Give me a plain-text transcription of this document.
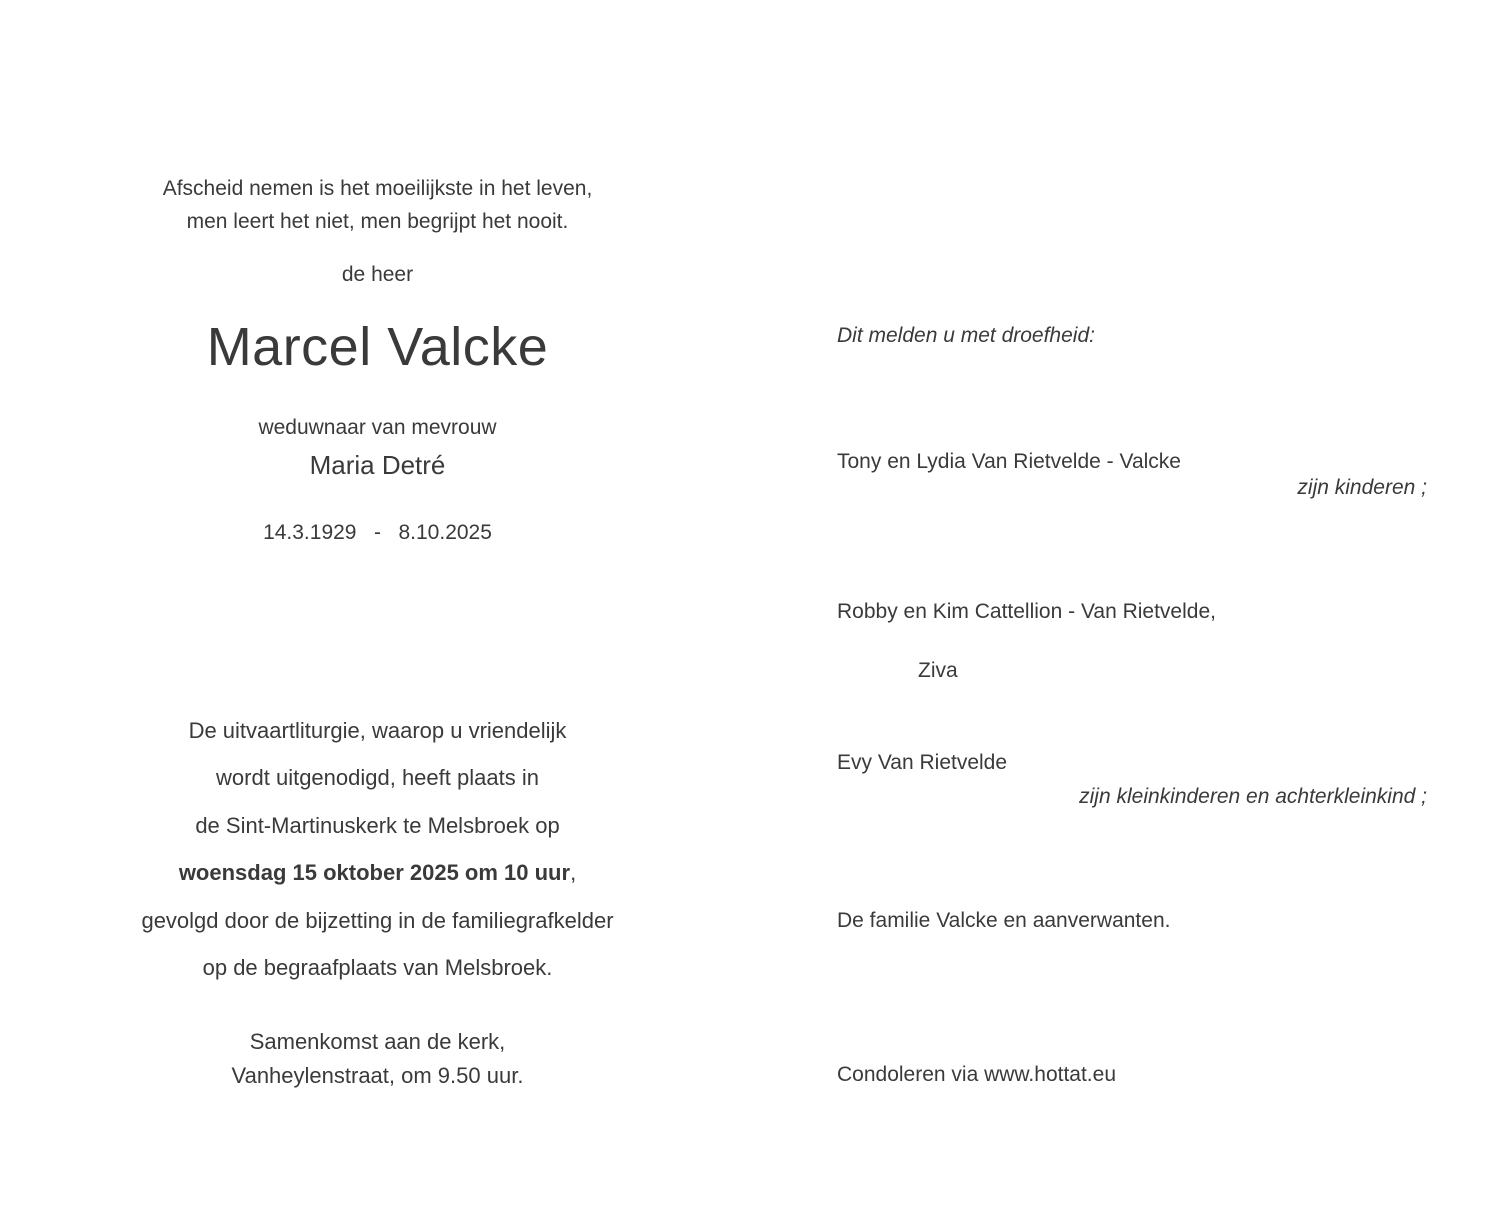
Afscheid nemen is het moeilijkste in het leven,
men leert het niet, men begrijpt het nooit.
de heer
Marcel Valcke
weduwnaar van mevrouw
Maria Detré
14.3.1929   -   8.10.2025
De uitvaartliturgie, waarop u vriendelijk
wordt uitgenodigd, heeft plaats in
de Sint-Martinuskerk te Melsbroek op
woensdag 15 oktober 2025 om 10 uur,
gevolgd door de bijzetting in de familiegrafkelder
op de begraafplaats van Melsbroek.
Samenkomst aan de kerk,
Vanheylenstraat, om 9.50 uur.
Dit melden u met droefheid:
Tony en Lydia Van Rietvelde - Valcke
zijn kinderen ;
Robby en Kim Cattellion - Van Rietvelde,
Ziva
Evy Van Rietvelde
zijn kleinkinderen en achterkleinkind ;
De familie Valcke en aanverwanten.
Condoleren via www.hottat.eu
